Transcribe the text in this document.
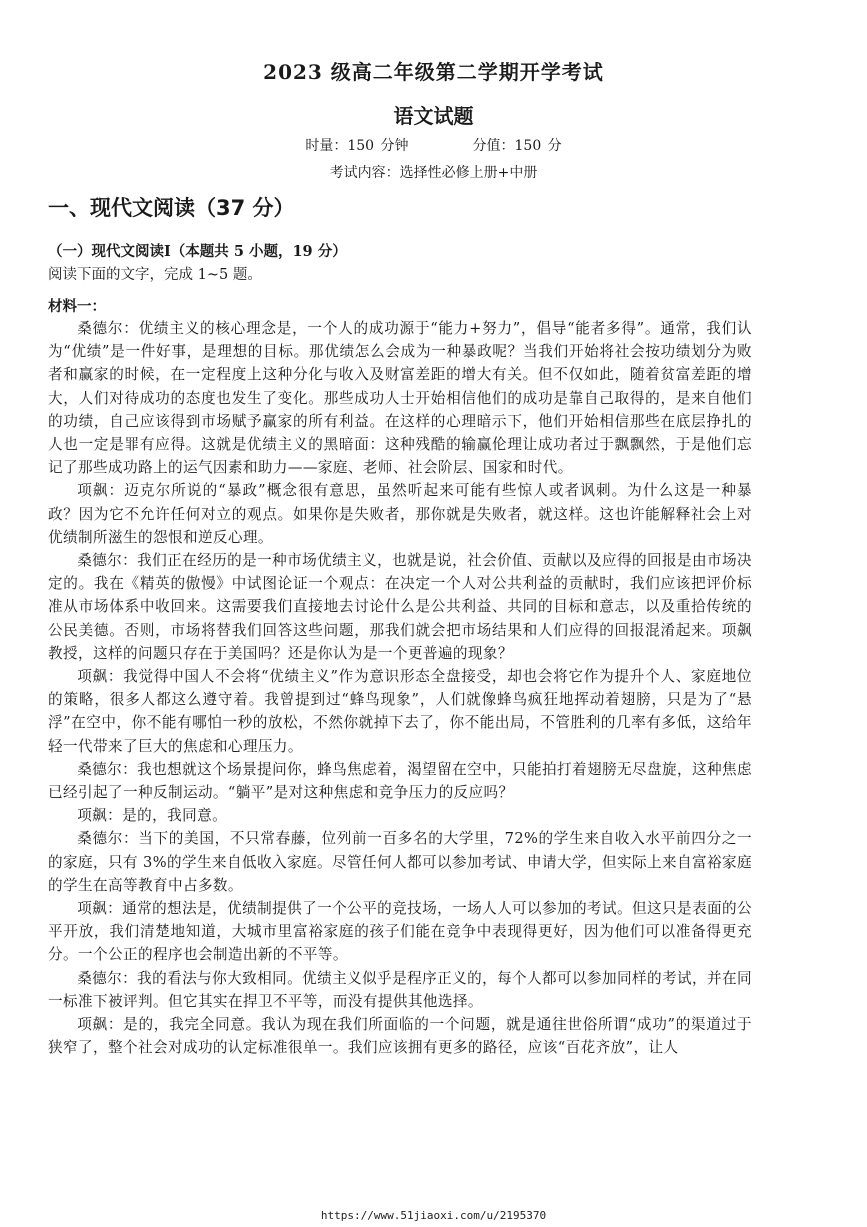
2023 级高二年级第二学期开学考试
语文试题
时量：150 分钟	分值：150 分
考试内容：选择性必修上册+中册
一、现代文阅读（37 分）
（一）现代文阅读Ⅰ（本题共 5 小题，19 分）
阅读下面的文字，完成 1~5 题。
材料一：

桑德尔：优绩主义的核心理念是，一个人的成功源于“能力+努力”，倡导“能者多得”。通常，我们认为“优绩”是一件好事，是理想的目标。那优绩怎么会成为一种暴政呢？当我们开始将社会按功绩划分为败者和赢家的时候，在一定程度上这种分化与收入及财富差距的增大有关。但不仅如此，随着贫富差距的增大，人们对待成功的态度也发生了变化。那些成功人士开始相信他们的成功是靠自己取得的，是来自他们的功绩，自己应该得到市场赋予赢家的所有利益。在这样的心理暗示下，他们开始相信那些在底层挣扎的人也一定是罪有应得。这就是优绩主义的黑暗面：这种残酷的输赢伦理让成功者过于飘飘然，于是他们忘记了那些成功路上的运气因素和助力——家庭、老师、社会阶层、国家和时代。

项飙：迈克尔所说的“暴政”概念很有意思，虽然听起来可能有些惊人或者讽刺。为什么这是一种暴政？因为它不允许任何对立的观点。如果你是失败者，那你就是失败者，就这样。这也许能解释社会上对优绩制所滋生的怨恨和逆反心理。

桑德尔：我们正在经历的是一种市场优绩主义，也就是说，社会价值、贡献以及应得的回报是由市场决定的。我在《精英的傲慢》中试图论证一个观点：在决定一个人对公共利益的贡献时，我们应该把评价标准从市场体系中收回来。这需要我们直接地去讨论什么是公共利益、共同的目标和意志，以及重拾传统的公民美德。否则，市场将替我们回答这些问题，那我们就会把市场结果和人们应得的回报混淆起来。项飙教授，这样的问题只存在于美国吗？还是你认为是一个更普遍的现象？

项飙：我觉得中国人不会将“优绩主义”作为意识形态全盘接受，却也会将它作为提升个人、家庭地位的策略，很多人都这么遵守着。我曾提到过“蜂鸟现象”，人们就像蜂鸟疯狂地挥动着翅膀，只是为了“悬浮”在空中，你不能有哪怕一秒的放松，不然你就掉下去了，你不能出局，不管胜利的几率有多低，这给年轻一代带来了巨大的焦虑和心理压力。

桑德尔：我也想就这个场景提问你，蜂鸟焦虑着，渴望留在空中，只能拍打着翅膀无尽盘旋，这种焦虑已经引起了一种反制运动。“躺平”是对这种焦虑和竞争压力的反应吗？

项飙：是的，我同意。

桑德尔：当下的美国，不只常春藤，位列前一百多名的大学里，72%的学生来自收入水平前四分之一的家庭，只有 3%的学生来自低收入家庭。尽管任何人都可以参加考试、申请大学，但实际上来自富裕家庭的学生在高等教育中占多数。

项飙：通常的想法是，优绩制提供了一个公平的竞技场，一场人人可以参加的考试。但这只是表面的公平开放，我们清楚地知道，大城市里富裕家庭的孩子们能在竞争中表现得更好，因为他们可以准备得更充分。一个公正的程序也会制造出新的不平等。

桑德尔：我的看法与你大致相同。优绩主义似乎是程序正义的，每个人都可以参加同样的考试，并在同一标准下被评判。但它其实在捍卫不平等，而没有提供其他选择。

项飙：是的，我完全同意。我认为现在我们所面临的一个问题，就是通往世俗所谓“成功”的渠道过于狭窄了，整个社会对成功的认定标准很单一。我们应该拥有更多的路径，应该“百花齐放”，让人

https://www.51jiaoxi.com/u/2195370
